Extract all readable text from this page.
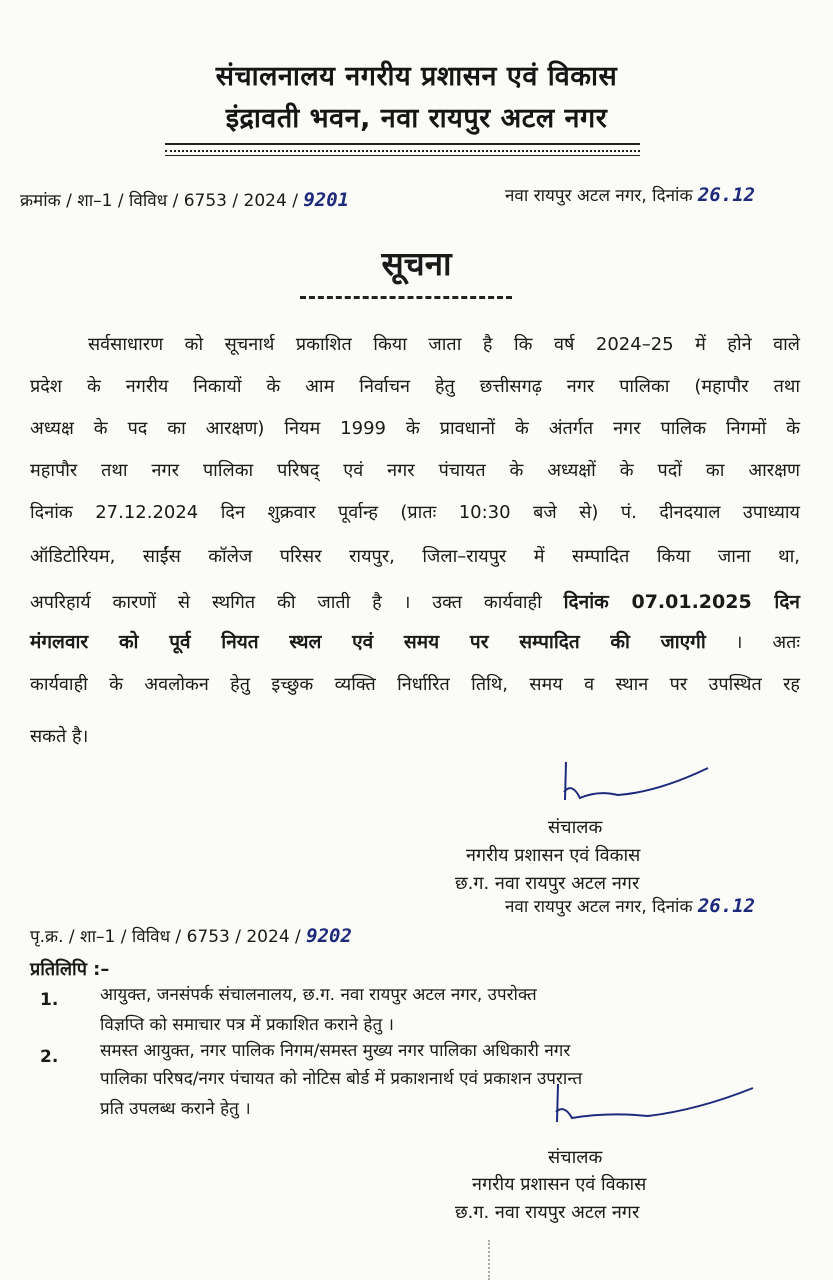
संचालनालय नगरीय प्रशासन एवं विकास
इंद्रावती भवन, नवा रायपुर अटल नगर
क्रमांक / शा–1 / विविध / 6753 / 2024 / 9201	नवा रायपुर अटल नगर, दिनांक 26.12
सूचना
सर्वसाधारण को सूचनार्थ प्रकाशित किया जाता है कि वर्ष 2024–25 में होने वाले
प्रदेश के नगरीय निकायों के आम निर्वाचन हेतु छत्तीसगढ़ नगर पालिका (महापौर तथा
अध्यक्ष के पद का आरक्षण) नियम 1999 के प्रावधानों के अंतर्गत नगर पालिक निगमों के
महापौर तथा नगर पालिका परिषद् एवं नगर पंचायत के अध्यक्षों के पदों का आरक्षण
दिनांक 27.12.2024 दिन शुक्रवार पूर्वान्ह (प्रातः 10:30 बजे से) पं. दीनदयाल उपाध्याय
ऑडिटोरियम, साईंस कॉलेज परिसर रायपुर, जिला–रायपुर में सम्पादित किया जाना था,
अपरिहार्य कारणों से स्थगित की जाती है । उक्त कार्यवाही दिनांक 07.01.2025 दिन
मंगलवार को पूर्व नियत स्थल एवं समय पर सम्पादित की जाएगी । अतः
कार्यवाही के अवलोकन हेतु इच्छुक व्यक्ति निर्धारित तिथि, समय व स्थान पर उपस्थित रह
सकते है।
संचालक
नगरीय प्रशासन एवं विकास
छ.ग. नवा रायपुर अटल नगर
नवा रायपुर अटल नगर, दिनांक 26.12
पृ.क्र. / शा–1 / विविध / 6753 / 2024 / 9202
प्रतिलिपि :–
1. आयुक्त, जनसंपर्क संचालनालय, छ.ग. नवा रायपुर अटल नगर, उपरोक्त
विज्ञप्ति को समाचार पत्र में प्रकाशित कराने हेतु ।
2. समस्त आयुक्त, नगर पालिक निगम/समस्त मुख्य नगर पालिका अधिकारी नगर
पालिका परिषद/नगर पंचायत को नोटिस बोर्ड में प्रकाशनार्थ एवं प्रकाशन उपरान्त
प्रति उपलब्ध कराने हेतु ।
संचालक
नगरीय प्रशासन एवं विकास
छ.ग. नवा रायपुर अटल नगर
